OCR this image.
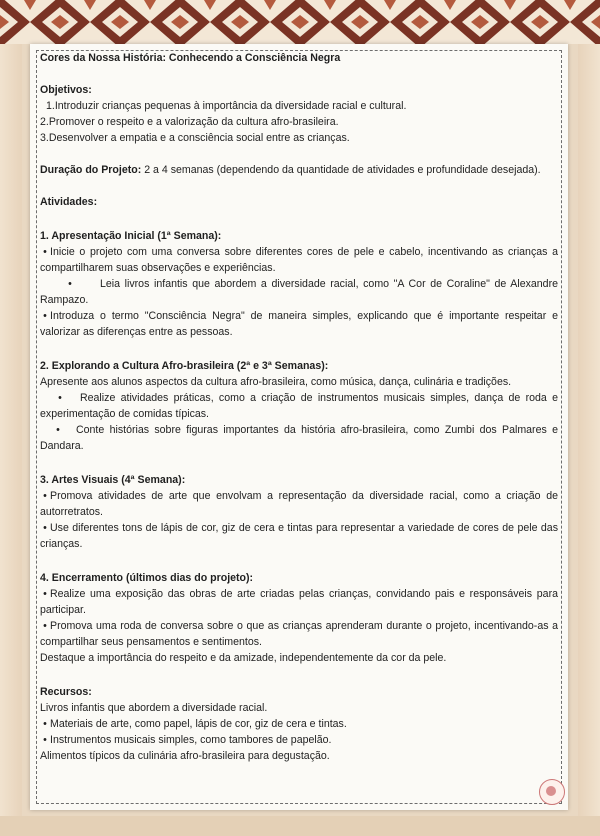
Cores da Nossa História: Conhecendo a Consciência Negra

Objetivos:

1.Introduzir crianças pequenas à importância da diversidade racial e cultural.

2.Promover o respeito e a valorização da cultura afro-brasileira.

3.Desenvolver a empatia e a consciência social entre as crianças.

Duração do Projeto: 2 a 4 semanas (dependendo da quantidade de atividades e profundidade desejada).

Atividades:

1. Apresentação Inicial (1ª Semana):

• Inicie o projeto com uma conversa sobre diferentes cores de pele e cabelo, incentivando as crianças a compartilharem suas observações e experiências.

•	Leia livros infantis que abordem a diversidade racial, como "A Cor de Coraline" de Alexandre Rampazo.

• Introduza o termo "Consciência Negra" de maneira simples, explicando que é importante respeitar e valorizar as diferenças entre as pessoas.

2. Explorando a Cultura Afro-brasileira (2ª e 3ª Semanas):

Apresente aos alunos aspectos da cultura afro-brasileira, como música, dança, culinária e tradições.

• Realize atividades práticas, como a criação de instrumentos musicais simples, dança de roda e experimentação de comidas típicas.

• Conte histórias sobre figuras importantes da história afro-brasileira, como Zumbi dos Palmares e Dandara.

3. Artes Visuais (4ª Semana):

• Promova atividades de arte que envolvam a representação da diversidade racial, como a criação de autorretratos.

• Use diferentes tons de lápis de cor, giz de cera e tintas para representar a variedade de cores de pele das crianças.

4. Encerramento (últimos dias do projeto):

• Realize uma exposição das obras de arte criadas pelas crianças, convidando pais e responsáveis para participar.

• Promova uma roda de conversa sobre o que as crianças aprenderam durante o projeto, incentivando-as a compartilhar seus pensamentos e sentimentos.

Destaque a importância do respeito e da amizade, independentemente da cor da pele.

Recursos:

Livros infantis que abordem a diversidade racial.

• Materiais de arte, como papel, lápis de cor, giz de cera e tintas.

• Instrumentos musicais simples, como tambores de papelão.

Alimentos típicos da culinária afro-brasileira para degustação.
